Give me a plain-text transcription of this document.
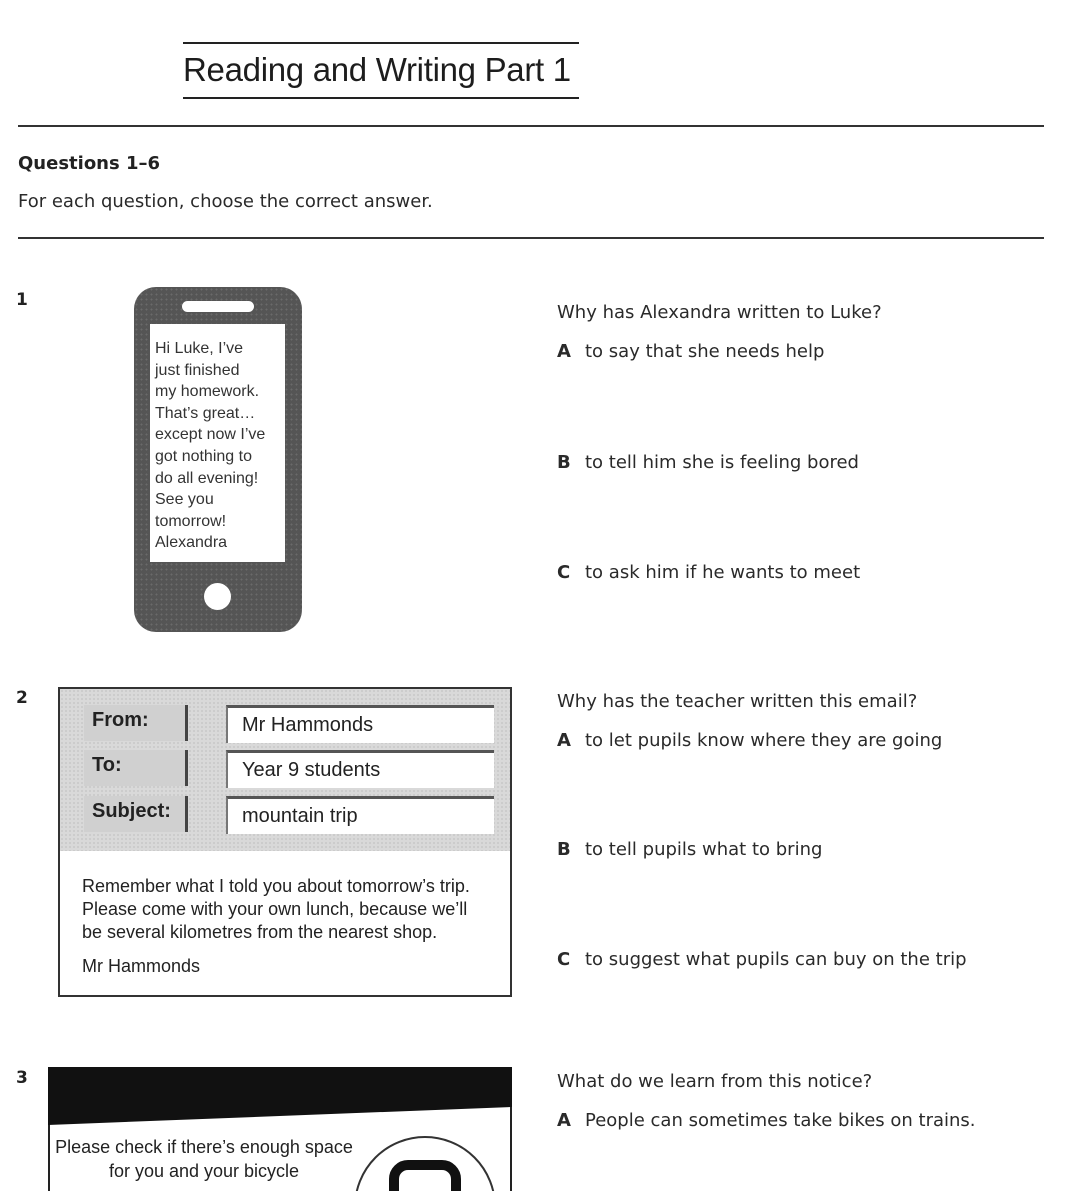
Reading and Writing Part 1
Questions 1–6
For each question, choose the correct answer.
1
Hi Luke, I’ve
just finished
my homework.
That’s great…
except now I’ve
got nothing to
do all evening!
See you
tomorrow!
Alexandra
Why has Alexandra written to Luke?
A to say that she needs help
B to tell him she is feeling bored
C to ask him if he wants to meet
2
From:	Mr Hammonds
To:	Year 9 students
Subject:	mountain trip
Remember what I told you about tomorrow’s trip.
Please come with your own lunch, because we’ll
be several kilometres from the nearest shop.
Mr Hammonds
Why has the teacher written this email?
A to let pupils know where they are going
B to tell pupils what to bring
C to suggest what pupils can buy on the trip
3
Please check if there’s enough space
for you and your bicycle
What do we learn from this notice?
A People can sometimes take bikes on trains.
